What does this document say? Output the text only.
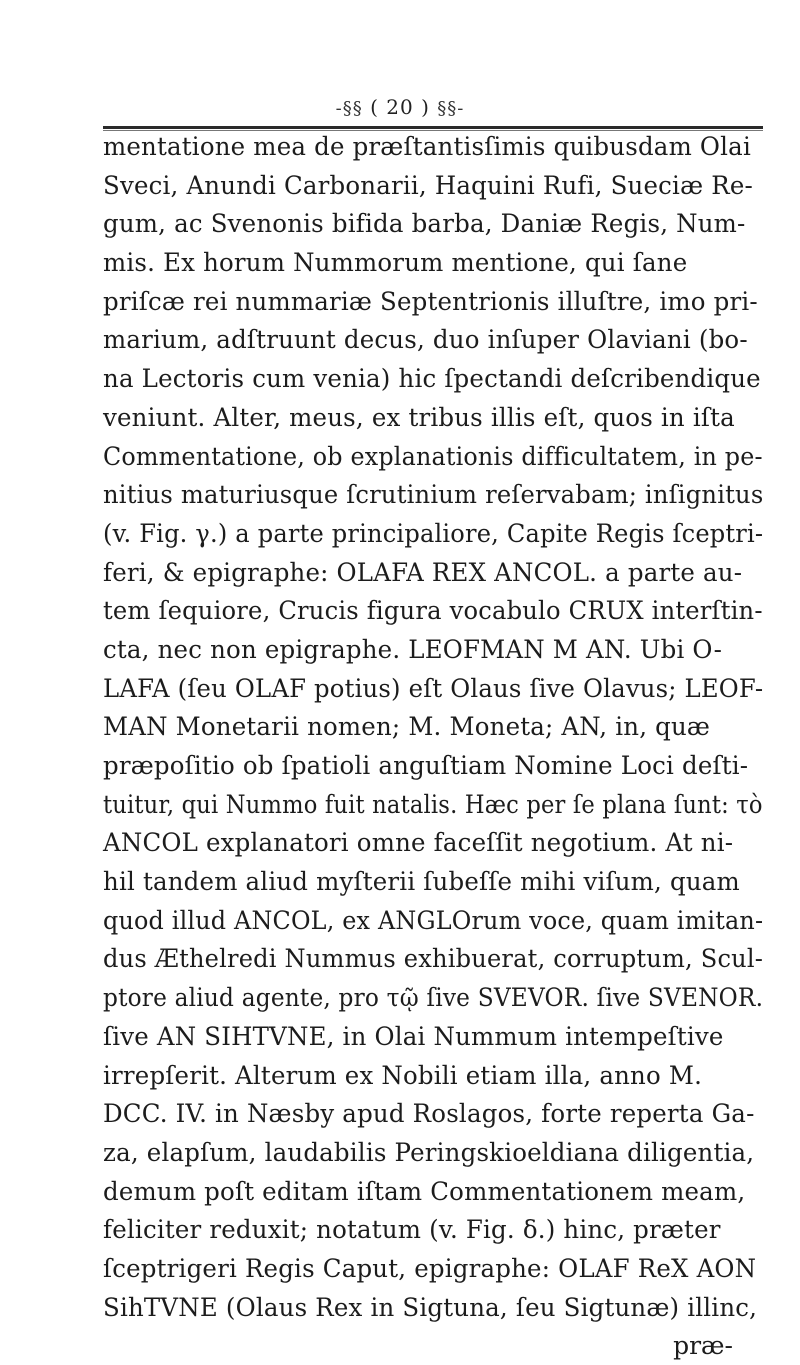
-§§ ( 20 ) §§-
mentatione mea de præſtantisſimis quibusdam Olai
Sveci, Anundi Carbonarii, Haquini Rufi, Sueciæ Re-
gum, ac Svenonis bifida barba, Daniæ Regis, Num-
mis. Ex horum Nummorum mentione, qui ſane
priſcæ rei nummariæ Septentrionis illuſtre, imo pri-
marium, adſtruunt decus, duo inſuper Olaviani (bo-
na Lectoris cum venia) hic ſpectandi deſcribendique
veniunt. Alter, meus, ex tribus illis eſt, quos in iſta
Commentatione, ob explanationis difficultatem, in pe-
nitius maturiusque ſcrutinium reſervabam; inſignitus
(v. Fig. γ.) a parte principaliore, Capite Regis ſceptri-
feri, & epigraphe: OLAFA REX ANCOL. a parte au-
tem ſequiore, Crucis figura vocabulo CRUX interſtin-
cta, nec non epigraphe. LEOFMAN M AN. Ubi O-
LAFA (ſeu OLAF potius) eſt Olaus ſive Olavus; LEOF-
MAN Monetarii nomen; M. Moneta; AN, in, quæ
præpoſitio ob ſpatioli anguſtiam Nomine Loci deſti-
tuitur, qui Nummo fuit natalis. Hæc per ſe plana ſunt: τὸ
ANCOL explanatori omne faceſſit negotium. At ni-
hil tandem aliud myſterii ſubeſſe mihi viſum, quam
quod illud ANCOL, ex ANGLOrum voce, quam imitan-
dus Æthelredi Nummus exhibuerat, corruptum, Scul-
ptore aliud agente, pro τῷ ſive SVEVOR. ſive SVENOR.
ſive AN SIHTVNE, in Olai Nummum intempeſtive
irrepſerit. Alterum ex Nobili etiam illa, anno M.
DCC. IV. in Næsby apud Roslagos, forte reperta Ga-
za, elapſum, laudabilis Peringskioeldiana diligentia,
demum poſt editam iſtam Commentationem meam,
feliciter reduxit; notatum (v. Fig. δ.) hinc, præter
ſceptrigeri Regis Caput, epigraphe: OLAF ReX AON
SihTVNE (Olaus Rex in Sigtuna, ſeu Sigtunæ) illinc,
præ-
